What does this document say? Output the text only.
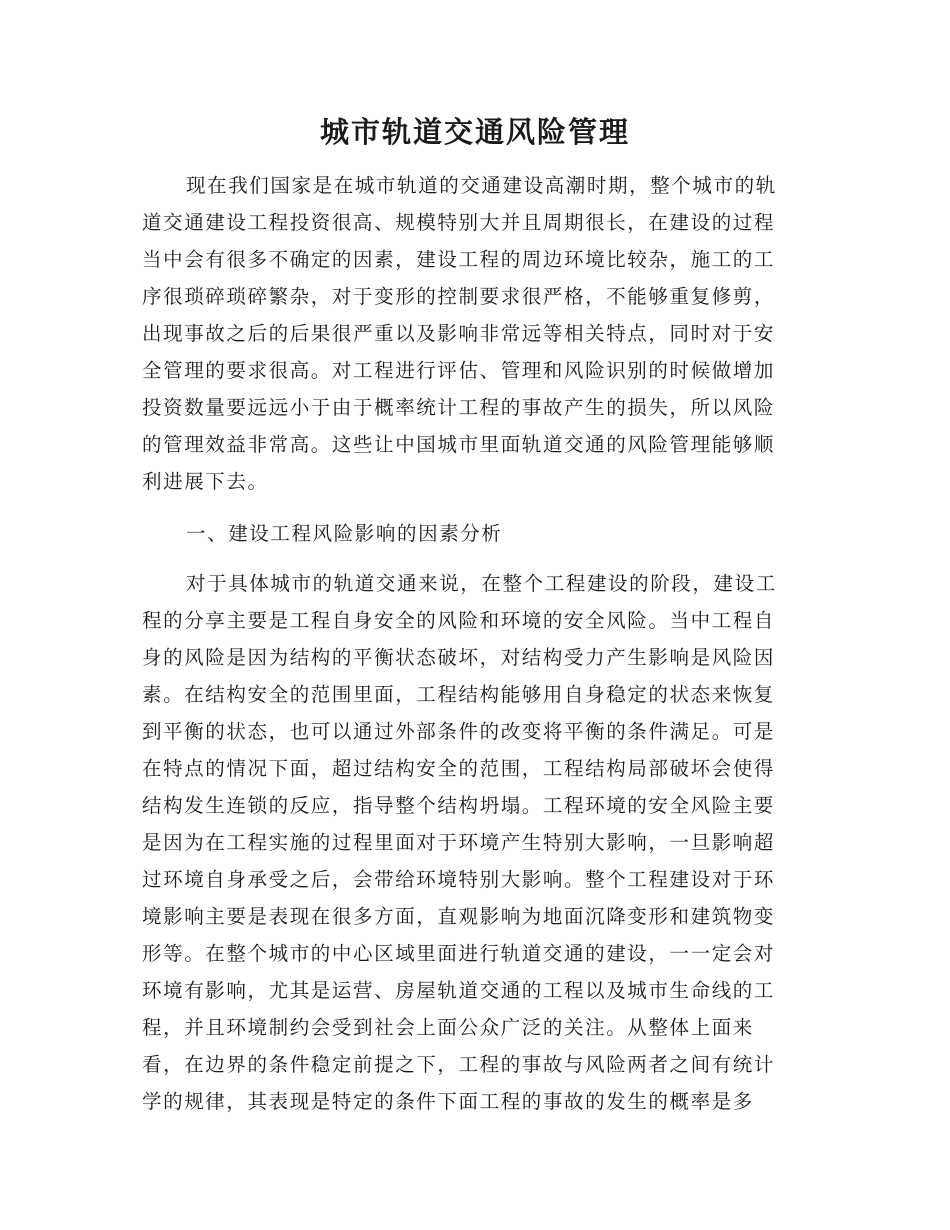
城市轨道交通风险管理
现在我们国家是在城市轨道的交通建设高潮时期，整个城市的轨
道交通建设工程投资很高、规模特别大并且周期很长，在建设的过程
当中会有很多不确定的因素，建设工程的周边环境比较杂，施工的工
序很琐碎琐碎繁杂，对于变形的控制要求很严格，不能够重复修剪，
出现事故之后的后果很严重以及影响非常远等相关特点，同时对于安
全管理的要求很高。对工程进行评估、管理和风险识别的时候做增加
投资数量要远远小于由于概率统计工程的事故产生的损失，所以风险
的管理效益非常高。这些让中国城市里面轨道交通的风险管理能够顺
利进展下去。
一、建设工程风险影响的因素分析
对于具体城市的轨道交通来说，在整个工程建设的阶段，建设工
程的分享主要是工程自身安全的风险和环境的安全风险。当中工程自
身的风险是因为结构的平衡状态破坏，对结构受力产生影响是风险因
素。在结构安全的范围里面，工程结构能够用自身稳定的状态来恢复
到平衡的状态，也可以通过外部条件的改变将平衡的条件满足。可是
在特点的情况下面，超过结构安全的范围，工程结构局部破坏会使得
结构发生连锁的反应，指导整个结构坍塌。工程环境的安全风险主要
是因为在工程实施的过程里面对于环境产生特别大影响，一旦影响超
过环境自身承受之后，会带给环境特别大影响。整个工程建设对于环
境影响主要是表现在很多方面，直观影响为地面沉降变形和建筑物变
形等。在整个城市的中心区域里面进行轨道交通的建设，一一定会对
环境有影响，尤其是运营、房屋轨道交通的工程以及城市生命线的工
程，并且环境制约会受到社会上面公众广泛的关注。从整体上面来
看，在边界的条件稳定前提之下，工程的事故与风险两者之间有统计
学的规律，其表现是特定的条件下面工程的事故的发生的概率是多
